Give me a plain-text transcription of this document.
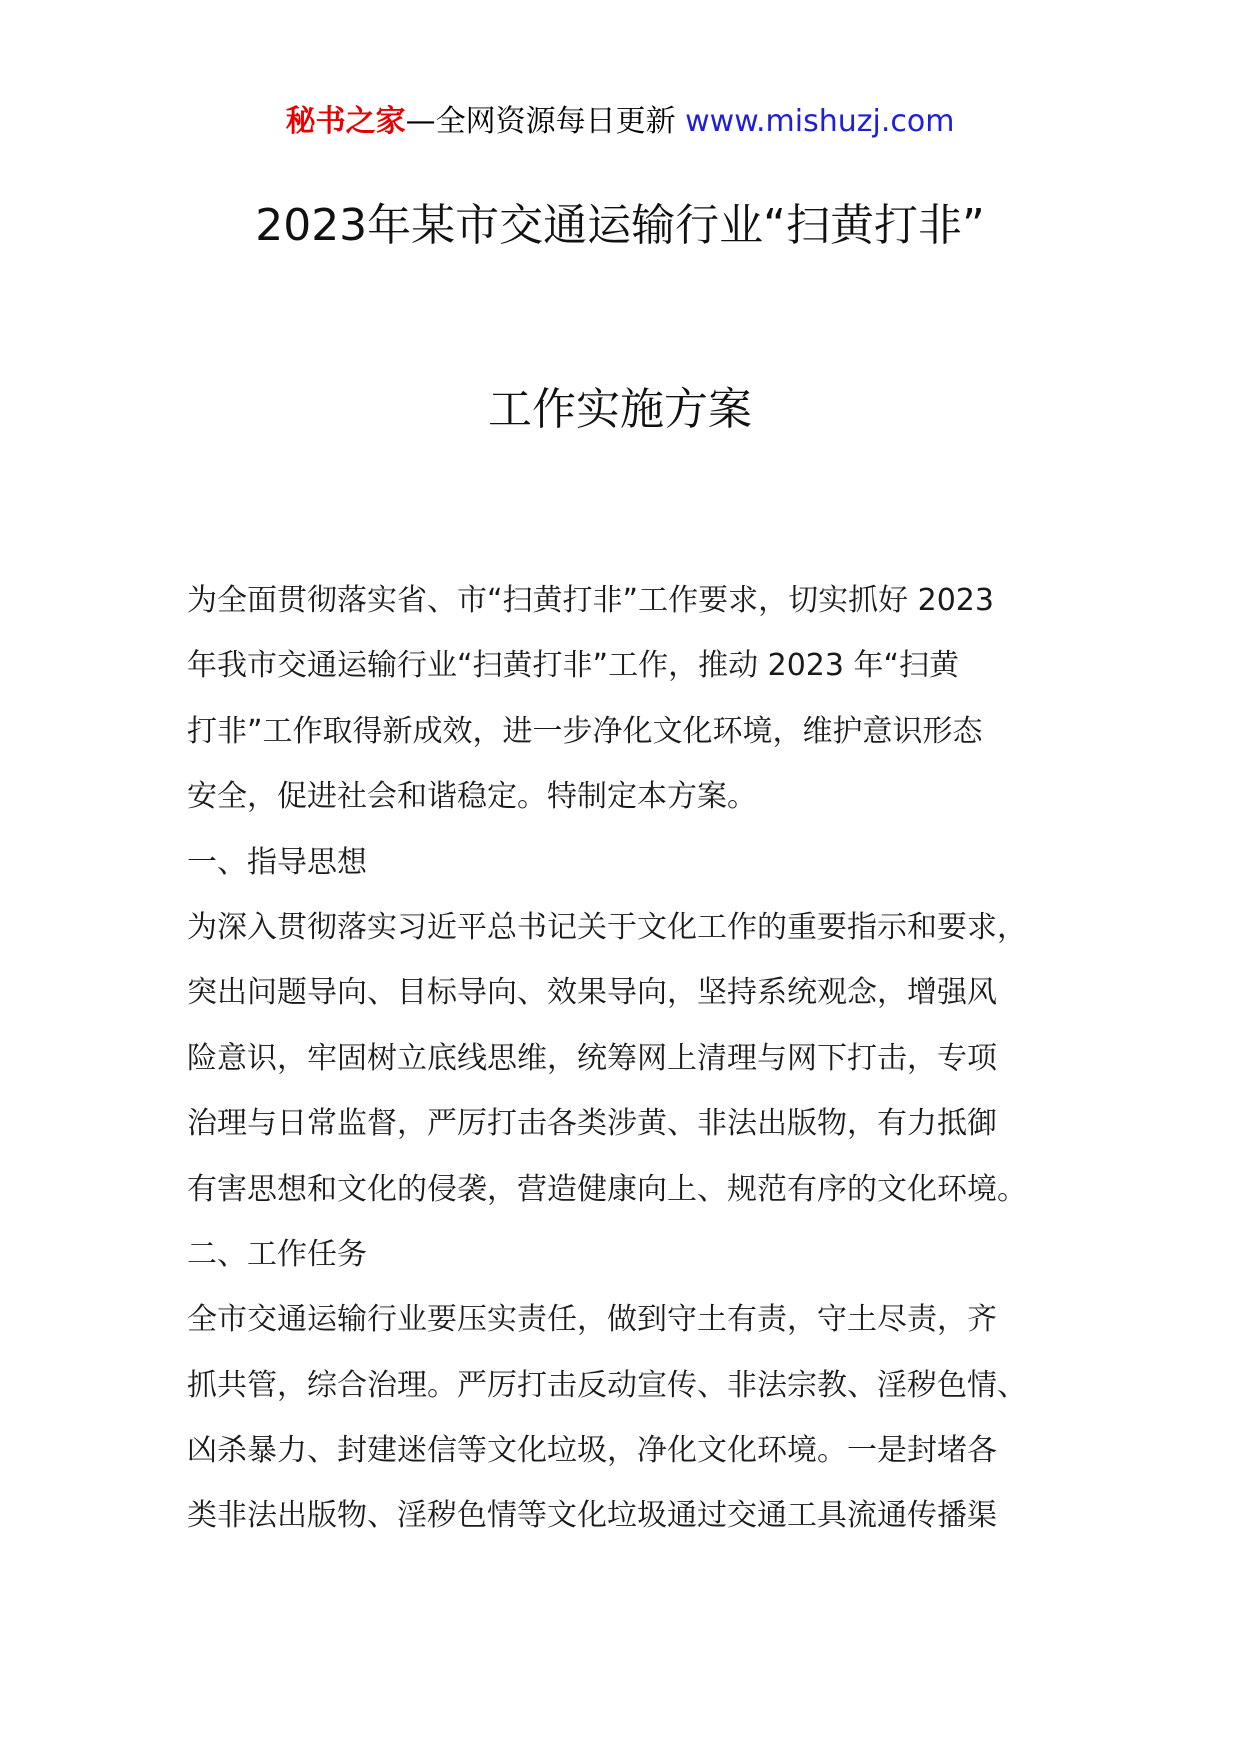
秘书之家—全网资源每日更新 www.mishuzj.com
2023年某市交通运输行业“扫黄打非”
工作实施方案
为全面贯彻落实省、市“扫黄打非”工作要求，切实抓好 2023
年我市交通运输行业“扫黄打非”工作，推动 2023 年“扫黄
打非”工作取得新成效，进一步净化文化环境，维护意识形态
安全，促进社会和谐稳定。特制定本方案。
一、指导思想
为深入贯彻落实习近平总书记关于文化工作的重要指示和要求，
突出问题导向、目标导向、效果导向，坚持系统观念，增强风
险意识，牢固树立底线思维，统筹网上清理与网下打击，专项
治理与日常监督，严厉打击各类涉黄、非法出版物，有力抵御
有害思想和文化的侵袭，营造健康向上、规范有序的文化环境。
二、工作任务
全市交通运输行业要压实责任，做到守土有责，守土尽责，齐
抓共管，综合治理。严厉打击反动宣传、非法宗教、淫秽色情、
凶杀暴力、封建迷信等文化垃圾，净化文化环境。一是封堵各
类非法出版物、淫秽色情等文化垃圾通过交通工具流通传播渠
